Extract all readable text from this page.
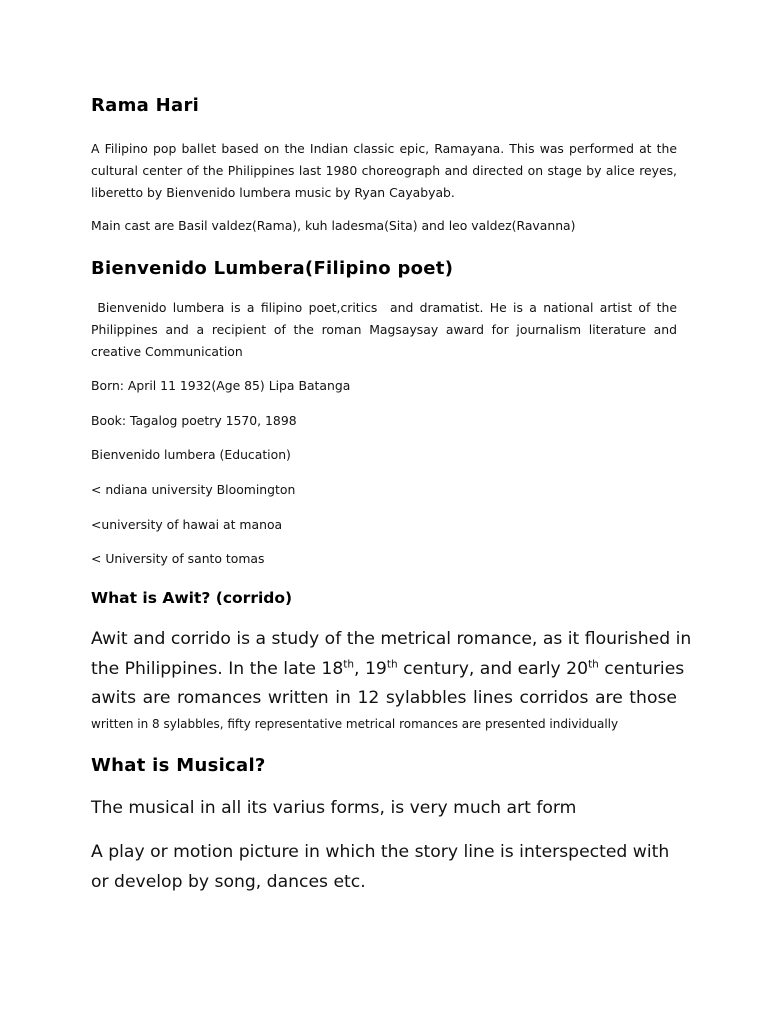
Rama Hari

A Filipino pop ballet based on the Indian classic epic, Ramayana. This was performed at the cultural center of the Philippines last 1980 choreograph and directed on stage by alice reyes, liberetto by Bienvenido lumbera music by Ryan Cayabyab.

Main cast are Basil valdez(Rama), kuh ladesma(Sita) and leo valdez(Ravanna)

Bienvenido Lumbera(Filipino poet)

Bienvenido lumbera is a filipino poet,critics  and dramatist. He is a national artist of the Philippines and a recipient of the roman Magsaysay award for journalism literature and creative Communication

Born: April 11 1932(Age 85) Lipa Batanga

Book: Tagalog poetry 1570, 1898

Bienvenido lumbera (Education)

< ndiana university Bloomington

<university of hawai at manoa

< University of santo tomas

What is Awit? (corrido)
Awit and corrido is a study of the metrical romance, as it flourished in
the Philippines. In the late 18th, 19th century, and early 20th centuries
awits are romances written in 12 sylabbles lines corridos are those
written in 8 sylabbles, fifty representative metrical romances are presented individually
What is Musical?

The musical in all its varius forms, is very much art form

A play or motion picture in which the story line is interspected with or develop by song, dances etc.
